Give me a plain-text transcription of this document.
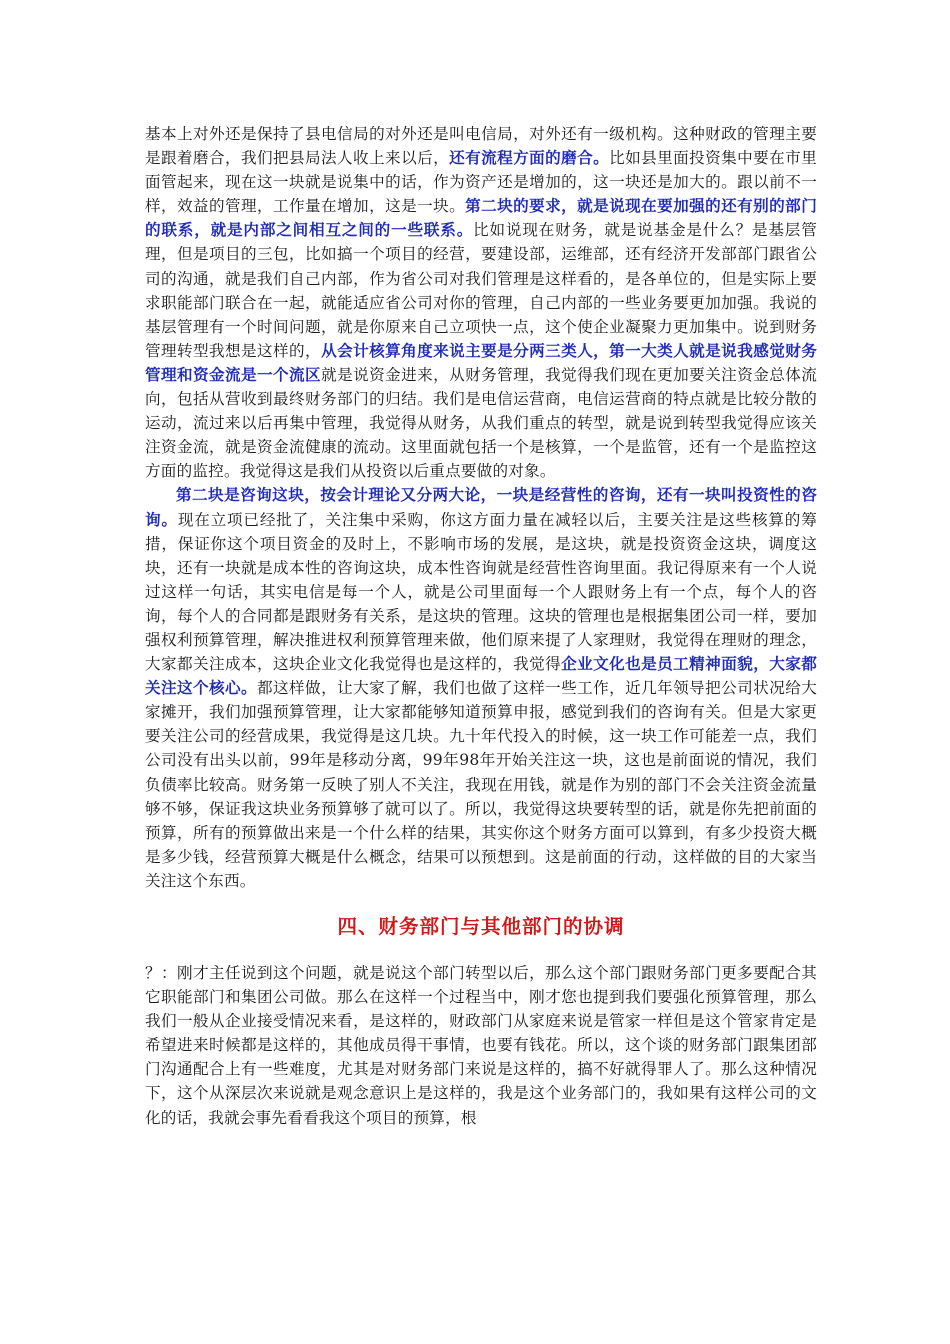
基本上对外还是保持了县电信局的对外还是叫电信局，对外还有一级机构。这种财政的管理主要是跟着磨合，我们把县局法人收上来以后，还有流程方面的磨合。比如县里面投资集中要在市里面管起来，现在这一块就是说集中的话，作为资产还是增加的，这一块还是加大的。跟以前不一样，效益的管理，工作量在增加，这是一块。第二块的要求，就是说现在要加强的还有别的部门的联系，就是内部之间相互之间的一些联系。比如说现在财务，就是说基金是什么？是基层管理，但是项目的三包，比如搞一个项目的经营，要建设部，运维部，还有经济开发部部门跟省公司的沟通，就是我们自己内部，作为省公司对我们管理是这样看的，是各单位的，但是实际上要求职能部门联合在一起，就能适应省公司对你的管理，自己内部的一些业务要更加加强。我说的基层管理有一个时间问题，就是你原来自己立项快一点，这个使企业凝聚力更加集中。说到财务管理转型我想是这样的，从会计核算角度来说主要是分两三类人，第一大类人就是说我感觉财务管理和资金流是一个流区就是说资金进来，从财务管理，我觉得我们现在更加要关注资金总体流向，包括从营收到最终财务部门的归结。我们是电信运营商，电信运营商的特点就是比较分散的运动，流过来以后再集中管理，我觉得从财务，从我们重点的转型，就是说到转型我觉得应该关注资金流，就是资金流健康的流动。这里面就包括一个是核算，一个是监管，还有一个是监控这方面的监控。我觉得这是我们从投资以后重点要做的对象。

第二块是咨询这块，按会计理论又分两大论，一块是经营性的咨询，还有一块叫投资性的咨询。现在立项已经批了，关注集中采购，你这方面力量在减轻以后，主要关注是这些核算的筹措，保证你这个项目资金的及时上，不影响市场的发展，是这块，就是投资资金这块，调度这块，还有一块就是成本性的咨询这块，成本性咨询就是经营性咨询里面。我记得原来有一个人说过这样一句话，其实电信是每一个人，就是公司里面每一个人跟财务上有一个点，每个人的咨询，每个人的合同都是跟财务有关系，是这块的管理。这块的管理也是根据集团公司一样，要加强权利预算管理，解决推进权利预算管理来做，他们原来提了人家理财，我觉得在理财的理念，大家都关注成本，这块企业文化我觉得也是这样的，我觉得企业文化也是员工精神面貌，大家都关注这个核心。都这样做，让大家了解，我们也做了这样一些工作，近几年领导把公司状况给大家摊开，我们加强预算管理，让大家都能够知道预算申报，感觉到我们的咨询有关。但是大家更要关注公司的经营成果，我觉得是这几块。九十年代投入的时候，这一块工作可能差一点，我们公司没有出头以前，99年是移动分离，99年98年开始关注这一块，这也是前面说的情况，我们负债率比较高。财务第一反映了别人不关注，我现在用钱，就是作为别的部门不会关注资金流量够不够，保证我这块业务预算够了就可以了。所以，我觉得这块要转型的话，就是你先把前面的预算，所有的预算做出来是一个什么样的结果，其实你这个财务方面可以算到，有多少投资大概是多少钱，经营预算大概是什么概念，结果可以预想到。这是前面的行动，这样做的目的大家当关注这个东西。

四、财务部门与其他部门的协调

？：刚才主任说到这个问题，就是说这个部门转型以后，那么这个部门跟财务部门更多要配合其它职能部门和集团公司做。那么在这样一个过程当中，刚才您也提到我们要强化预算管理，那么我们一般从企业接受情况来看，是这样的，财政部门从家庭来说是管家一样但是这个管家肯定是希望进来时候都是这样的，其他成员得干事情，也要有钱花。所以，这个谈的财务部门跟集团部门沟通配合上有一些难度，尤其是对财务部门来说是这样的，搞不好就得罪人了。那么这种情况下，这个从深层次来说就是观念意识上是这样的，我是这个业务部门的，我如果有这样公司的文化的话，我就会事先看看我这个项目的预算，根
